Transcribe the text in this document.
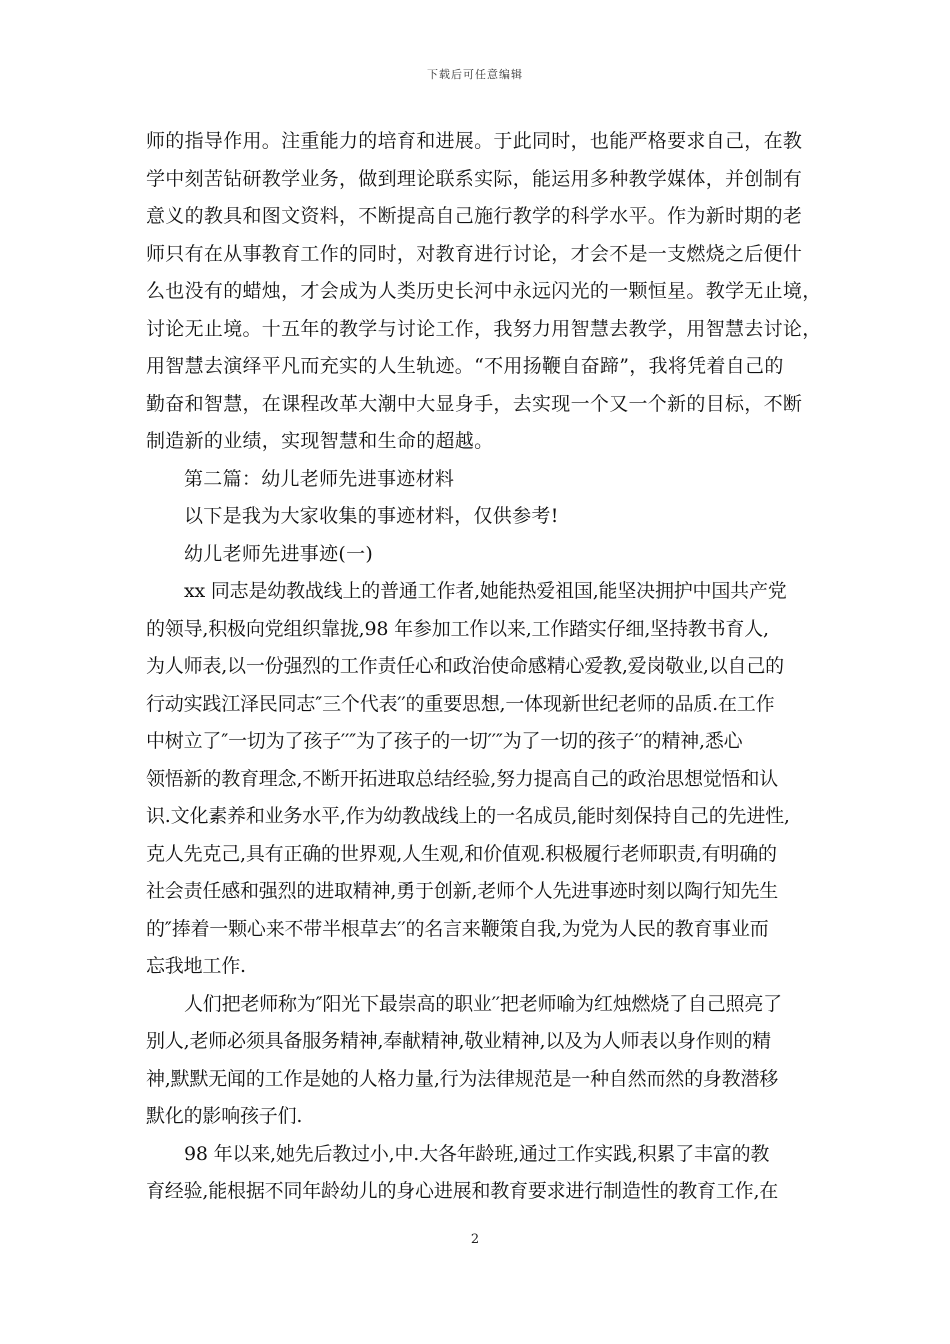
下载后可任意编辑
师的指导作用。注重能力的培育和进展。于此同时，也能严格要求自己，在教
学中刻苦钻研教学业务，做到理论联系实际，能运用多种教学媒体，并创制有
意义的教具和图文资料，不断提高自己施行教学的科学水平。作为新时期的老
师只有在从事教育工作的同时，对教育进行讨论，才会不是一支燃烧之后便什
么也没有的蜡烛，才会成为人类历史长河中永远闪光的一颗恒星。教学无止境，
讨论无止境。十五年的教学与讨论工作，我努力用智慧去教学，用智慧去讨论，
用智慧去演绎平凡而充实的人生轨迹。“不用扬鞭自奋蹄”，我将凭着自己的
勤奋和智慧，在课程改革大潮中大显身手，去实现一个又一个新的目标，不断
制造新的业绩，实现智慧和生命的超越。
第二篇：幼儿老师先进事迹材料
以下是我为大家收集的事迹材料，仅供参考!
幼儿老师先进事迹(一)
xx 同志是幼教战线上的普通工作者,她能热爱祖国,能坚决拥护中国共产党
的领导,积极向党组织靠拢,98 年参加工作以来,工作踏实仔细,坚持教书育人,
为人师表,以一份强烈的工作责任心和政治使命感精心爱教,爱岗敬业,以自己的
行动实践江泽民同志″三个代表′′的重要思想,一体现新世纪老师的品质.在工作
中树立了″一切为了孩子′′″为了孩子的一切′′″为了一切的孩子′′的精神,悉心
领悟新的教育理念,不断开拓进取总结经验,努力提高自己的政治思想觉悟和认
识.文化素养和业务水平,作为幼教战线上的一名成员,能时刻保持自己的先进性,
克人先克己,具有正确的世界观,人生观,和价值观.积极履行老师职责,有明确的
社会责任感和强烈的进取精神,勇于创新,老师个人先进事迹时刻以陶行知先生
的″捧着一颗心来不带半根草去′′的名言来鞭策自我,为党为人民的教育事业而
忘我地工作.
人们把老师称为″阳光下最崇高的职业′′把老师喻为红烛燃烧了自己照亮了
别人,老师必须具备服务精神,奉献精神,敬业精神,以及为人师表以身作则的精
神,默默无闻的工作是她的人格力量,行为法律规范是一种自然而然的身教潜移
默化的影响孩子们.
98 年以来,她先后教过小,中.大各年龄班,通过工作实践,积累了丰富的教
育经验,能根据不同年龄幼儿的身心进展和教育要求进行制造性的教育工作,在
2
